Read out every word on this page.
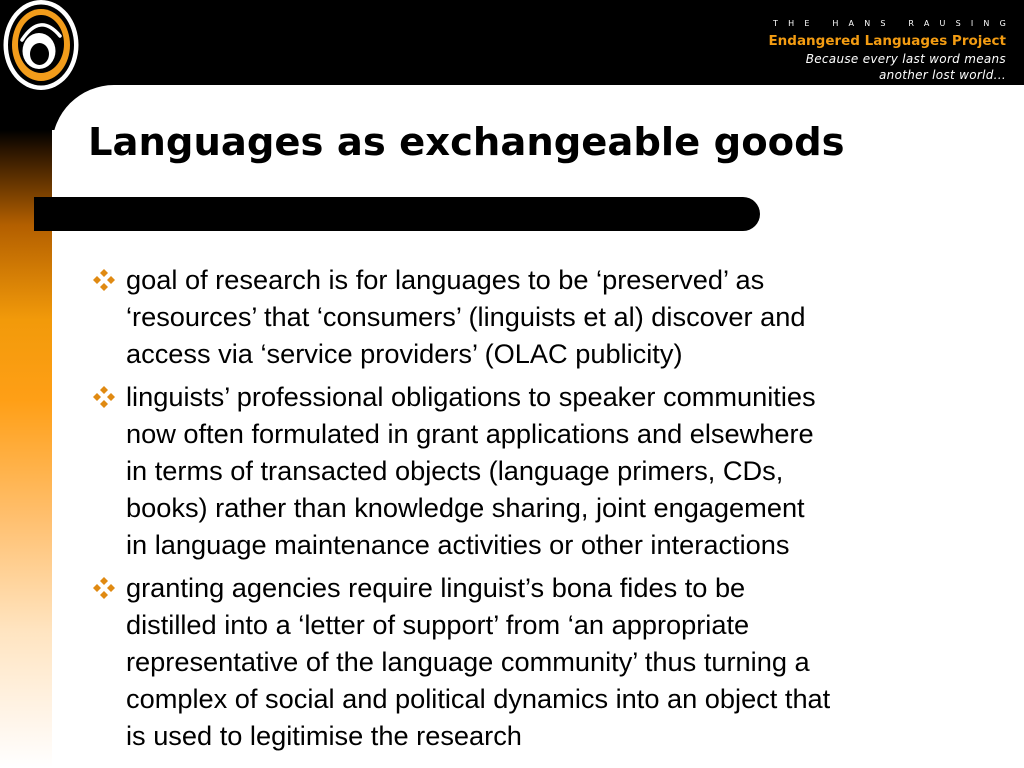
THE HANS RAUSING
Endangered Languages Project
Because every last word means
another lost world...
Languages as exchangeable goods
goal of research is for languages to be ‘preserved’ as
‘resources’ that ‘consumers’ (linguists et al) discover and
access via ‘service providers’ (OLAC publicity)
linguists’ professional obligations to speaker communities
now often formulated in grant applications and elsewhere
in terms of transacted objects (language primers, CDs,
books) rather than knowledge sharing, joint engagement
in language maintenance activities or other interactions
granting agencies require linguist’s bona fides to be
distilled into a ‘letter of support’ from ‘an appropriate
representative of the language community’ thus turning a
complex of social and political dynamics into an object that
is used to legitimise the research
